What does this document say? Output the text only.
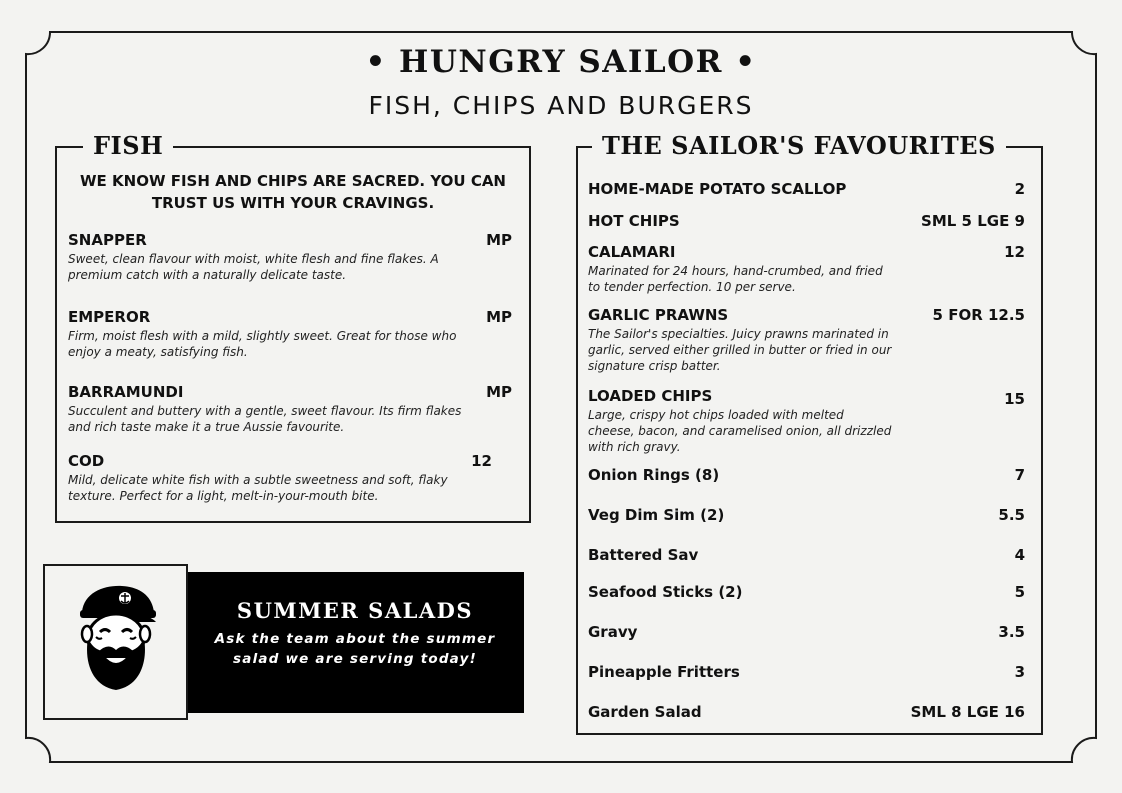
• HUNGRY SAILOR •
FISH, CHIPS AND BURGERS
FISH
WE KNOW FISH AND CHIPS ARE SACRED. YOU CAN TRUST US WITH YOUR CRAVINGS.
SNAPPER	MP
Sweet, clean flavour with moist, white flesh and fine flakes. A premium catch with a naturally delicate taste.
EMPEROR	MP
Firm, moist flesh with a mild, slightly sweet. Great for those who enjoy a meaty, satisfying fish.
BARRAMUNDI	MP
Succulent and buttery with a gentle, sweet flavour. Its firm flakes and rich taste make it a true Aussie favourite.
COD	12
Mild, delicate white fish with a subtle sweetness and soft, flaky texture. Perfect for a light, melt-in-your-mouth bite.
THE SAILOR'S FAVOURITES
HOME-MADE POTATO SCALLOP	2
HOT CHIPS	SML 5 LGE 9
CALAMARI	12
Marinated for 24 hours, hand-crumbed, and fried to tender perfection. 10 per serve.
GARLIC PRAWNS	5 FOR 12.5
The Sailor's specialties. Juicy prawns marinated in garlic, served either grilled in butter or fried in our signature crisp batter.
LOADED CHIPS	15
Large, crispy hot chips loaded with melted cheese, bacon, and caramelised onion, all drizzled with rich gravy.
Onion Rings (8)	7
Veg Dim Sim (2)	5.5
Battered Sav	4
Seafood Sticks (2)	5
Gravy	3.5
Pineapple Fritters	3
Garden Salad	SML 8 LGE 16
SUMMER SALADS
Ask the team about the summer salad we are serving today!
